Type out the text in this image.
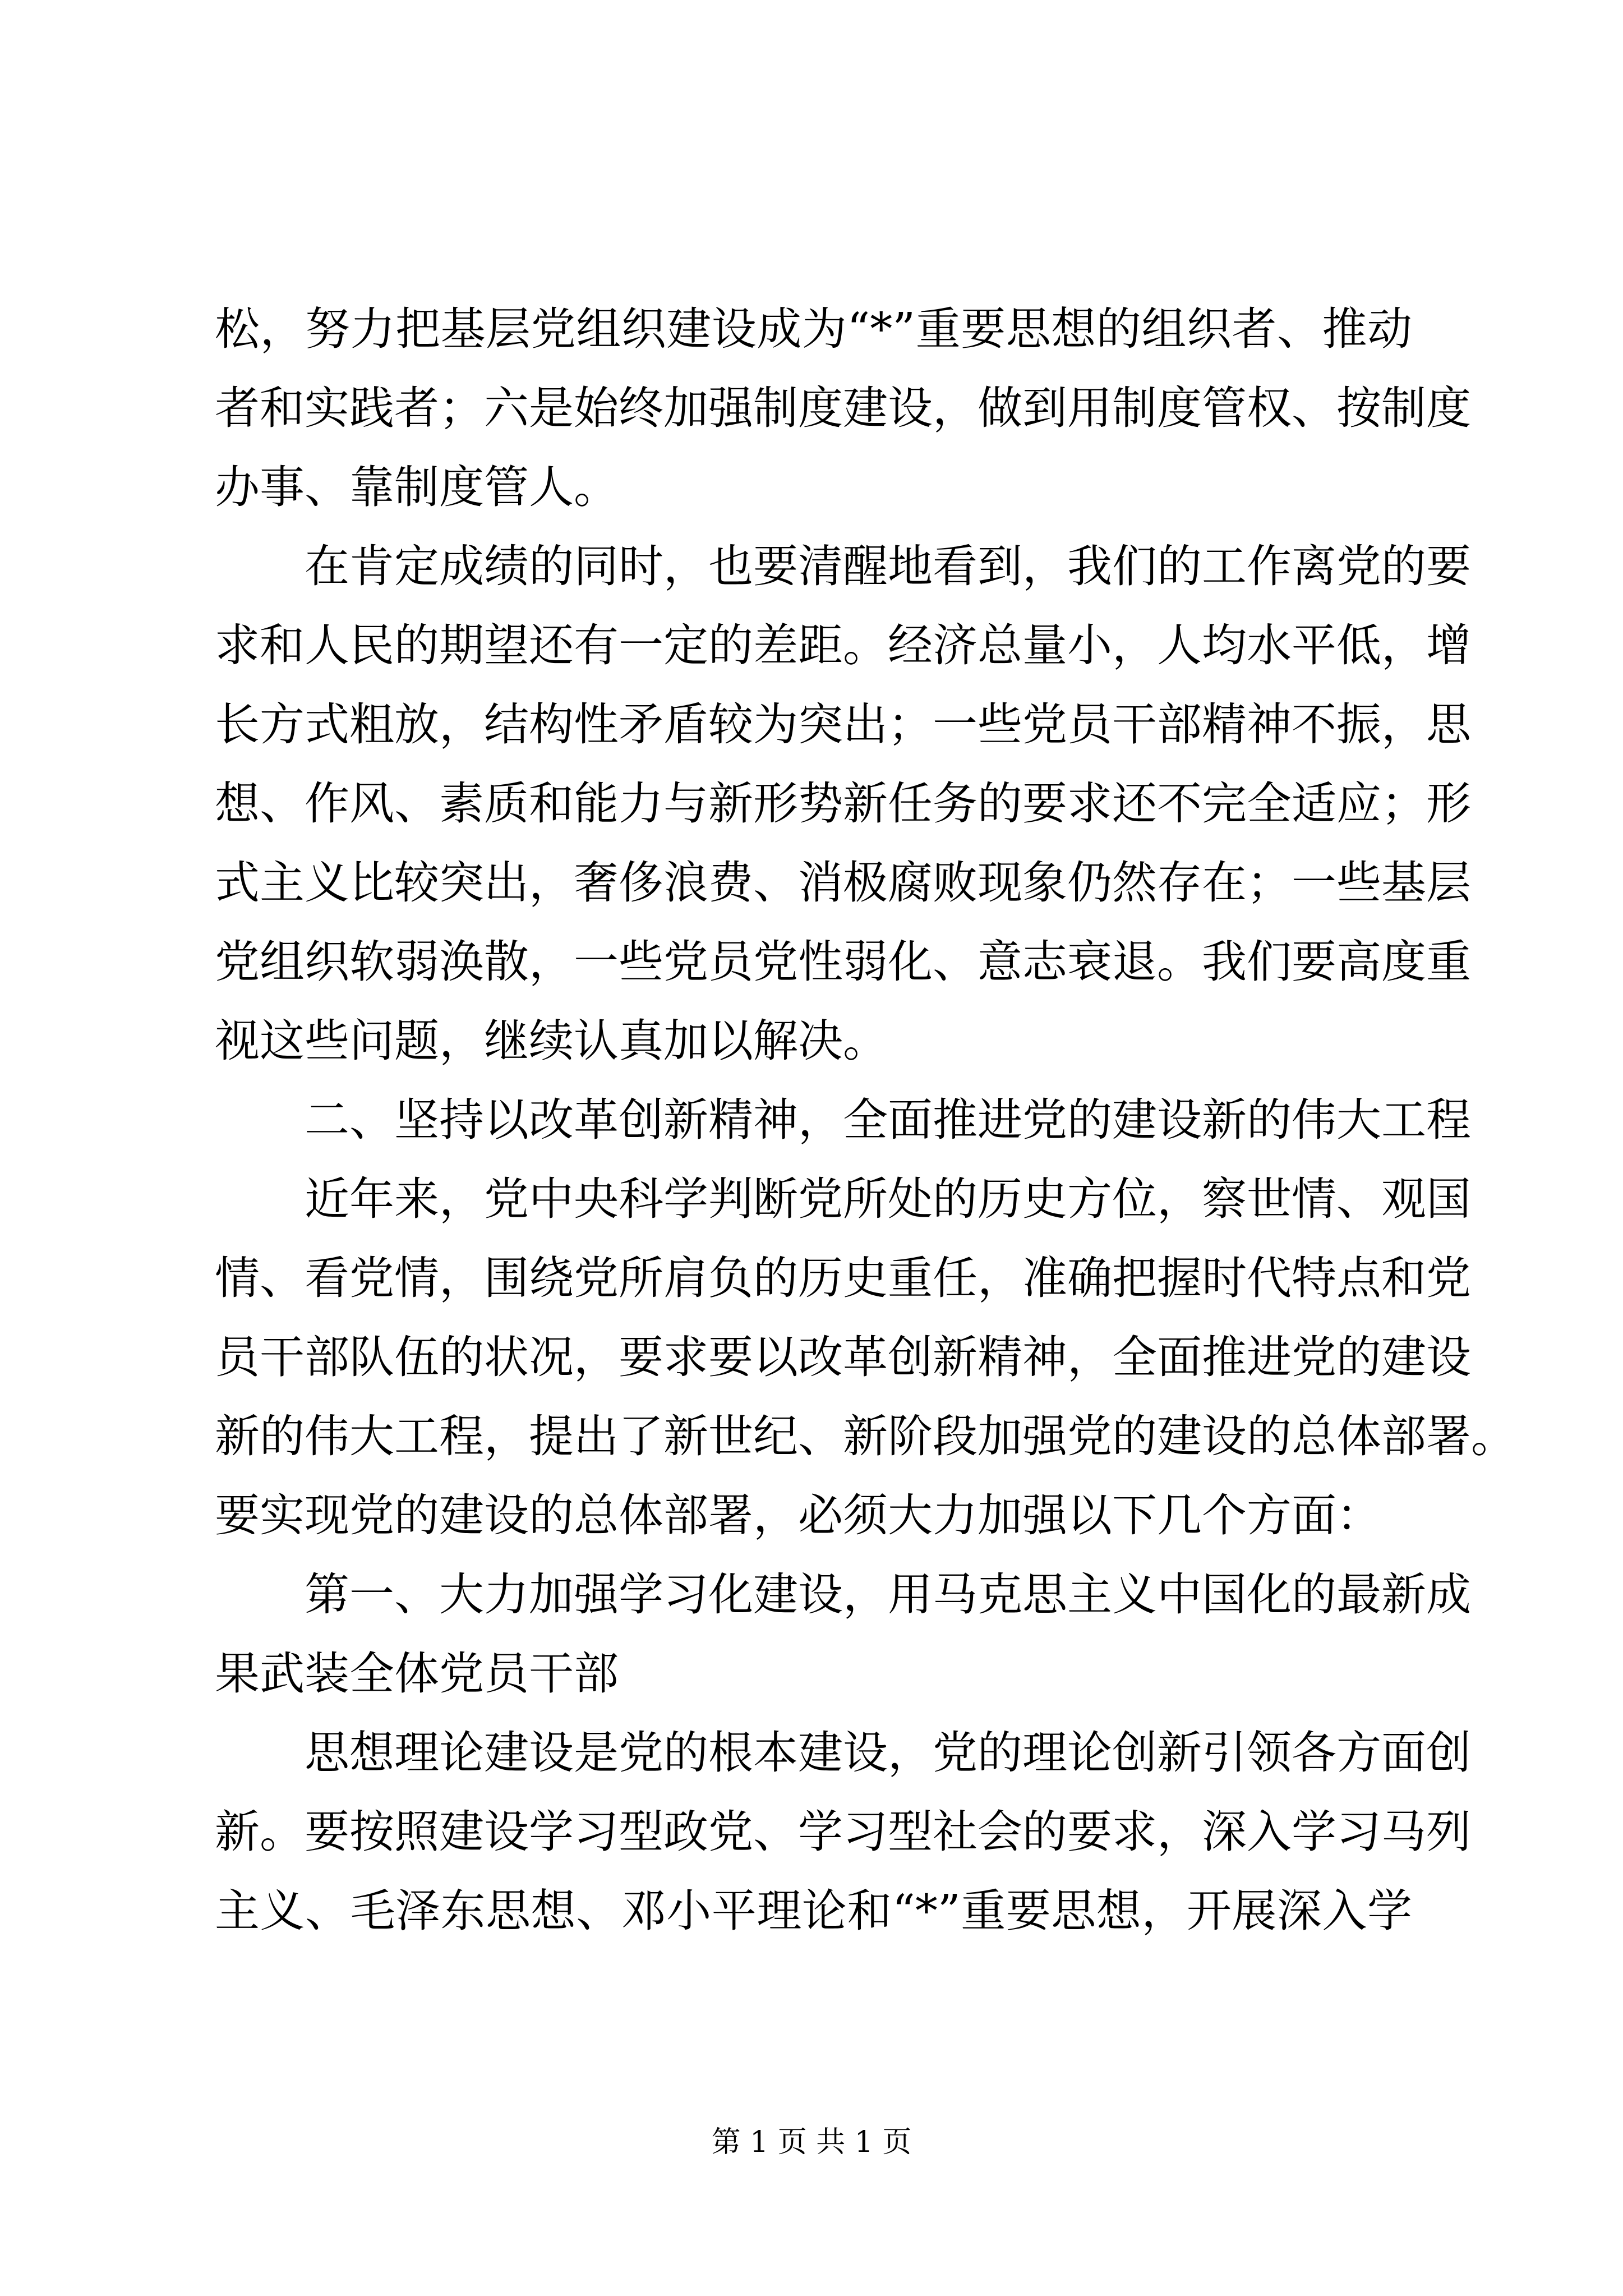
松，努力把基层党组织建设成为“*”重要思想的组织者、推动
者和实践者；六是始终加强制度建设，做到用制度管权、按制度
办事、靠制度管人。
在肯定成绩的同时，也要清醒地看到，我们的工作离党的要
求和人民的期望还有一定的差距。经济总量小，人均水平低，增
长方式粗放，结构性矛盾较为突出；一些党员干部精神不振，思
想、作风、素质和能力与新形势新任务的要求还不完全适应；形
式主义比较突出，奢侈浪费、消极腐败现象仍然存在；一些基层
党组织软弱涣散，一些党员党性弱化、意志衰退。我们要高度重
视这些问题，继续认真加以解决。
二、坚持以改革创新精神，全面推进党的建设新的伟大工程
近年来，党中央科学判断党所处的历史方位，察世情、观国
情、看党情，围绕党所肩负的历史重任，准确把握时代特点和党
员干部队伍的状况，要求要以改革创新精神，全面推进党的建设
新的伟大工程，提出了新世纪、新阶段加强党的建设的总体部署。
要实现党的建设的总体部署，必须大力加强以下几个方面：
第一、大力加强学习化建设，用马克思主义中国化的最新成
果武装全体党员干部
思想理论建设是党的根本建设，党的理论创新引领各方面创
新。要按照建设学习型政党、学习型社会的要求，深入学习马列
主义、毛泽东思想、邓小平理论和“*”重要思想，开展深入学
第 1 页 共 1 页
